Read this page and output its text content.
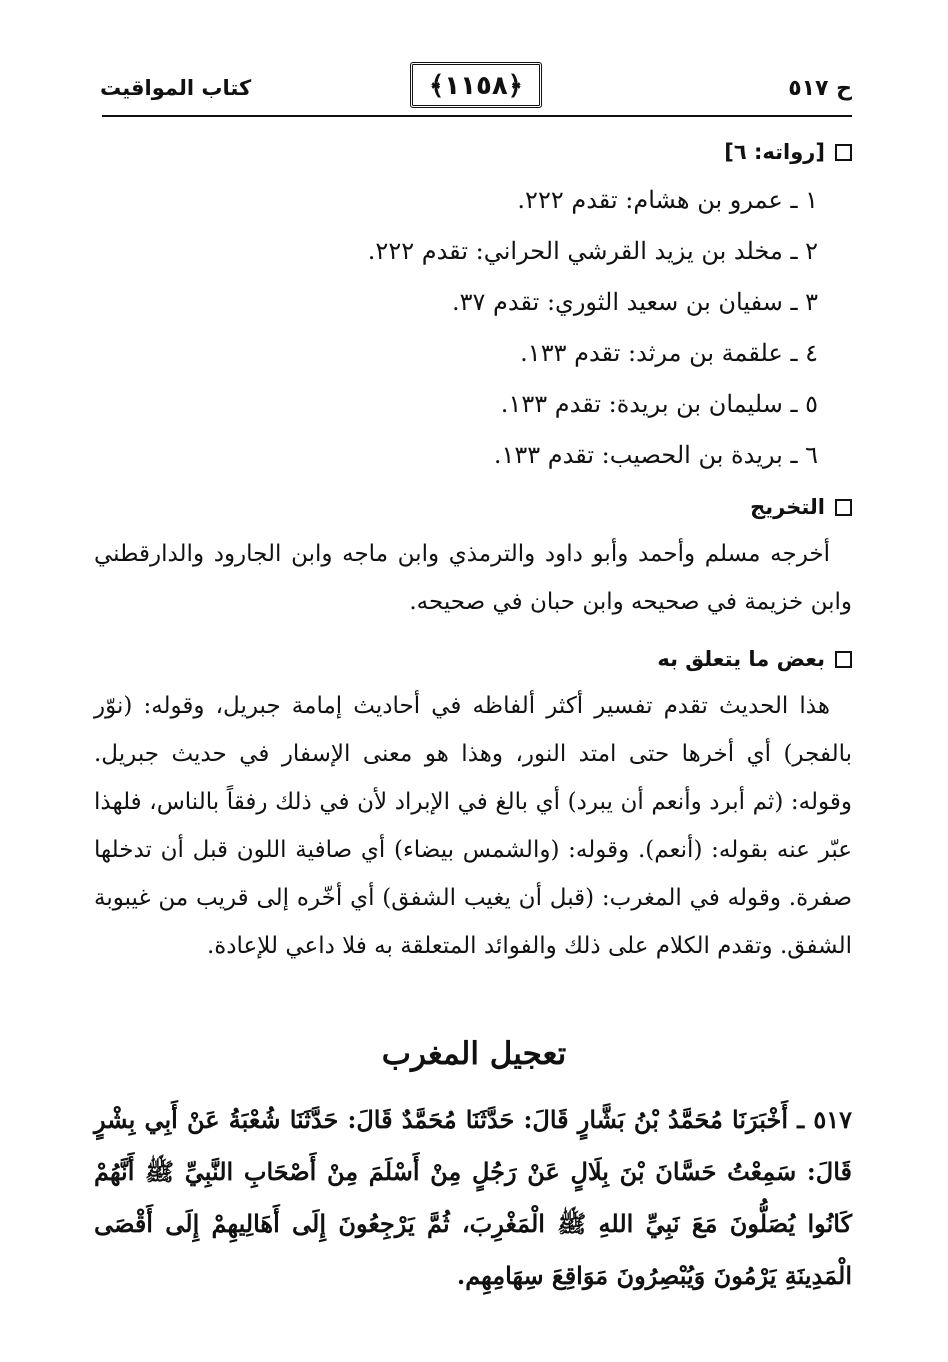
ح ٥١٧
﴿١١٥٨﴾
كتاب المواقيت
[رواته: ٦]
١ ـ عمرو بن هشام: تقدم ٢٢٢.
٢ ـ مخلد بن يزيد القرشي الحراني: تقدم ٢٢٢.
٣ ـ سفيان بن سعيد الثوري: تقدم ٣٧.
٤ ـ علقمة بن مرثد: تقدم ١٣٣.
٥ ـ سليمان بن بريدة: تقدم ١٣٣.
٦ ـ بريدة بن الحصيب: تقدم ١٣٣.
التخريج

أخرجه مسلم وأحمد وأبو داود والترمذي وابن ماجه وابن الجارود والدارقطني وابن خزيمة في صحيحه وابن حبان في صحيحه.

بعض ما يتعلق به

هذا الحديث تقدم تفسير أكثر ألفاظه في أحاديث إمامة جبريل، وقوله: (نوّر بالفجر) أي أخرها حتى امتد النور، وهذا هو معنى الإسفار في حديث جبريل. وقوله: (ثم أبرد وأنعم أن يبرد) أي بالغ في الإبراد لأن في ذلك رفقاً بالناس، فلهذا عبّر عنه بقوله: (أنعم). وقوله: (والشمس بيضاء) أي صافية اللون قبل أن تدخلها صفرة. وقوله في المغرب: (قبل أن يغيب الشفق) أي أخّره إلى قريب من غيبوبة الشفق. وتقدم الكلام على ذلك والفوائد المتعلقة به فلا داعي للإعادة.

تعجيل المغرب

٥١٧ ـ أَخْبَرَنَا مُحَمَّدُ بْنُ بَشَّارٍ قَالَ: حَدَّثَنَا مُحَمَّدٌ قَالَ: حَدَّثَنَا شُعْبَةُ عَنْ أَبِي بِشْرٍ قَالَ: سَمِعْتُ حَسَّانَ بْنَ بِلَالٍ عَنْ رَجُلٍ مِنْ أَسْلَمَ مِنْ أَصْحَابِ النَّبِيِّ ﷺ أَنَّهُمْ كَانُوا يُصَلُّونَ مَعَ نَبِيِّ اللهِ ﷺ الْمَغْرِبَ، ثُمَّ يَرْجِعُونَ إِلَى أَهَالِيهِمْ إِلَى أَقْصَى الْمَدِينَةِ يَرْمُونَ وَيُبْصِرُونَ مَوَاقِعَ سِهَامِهِم.
